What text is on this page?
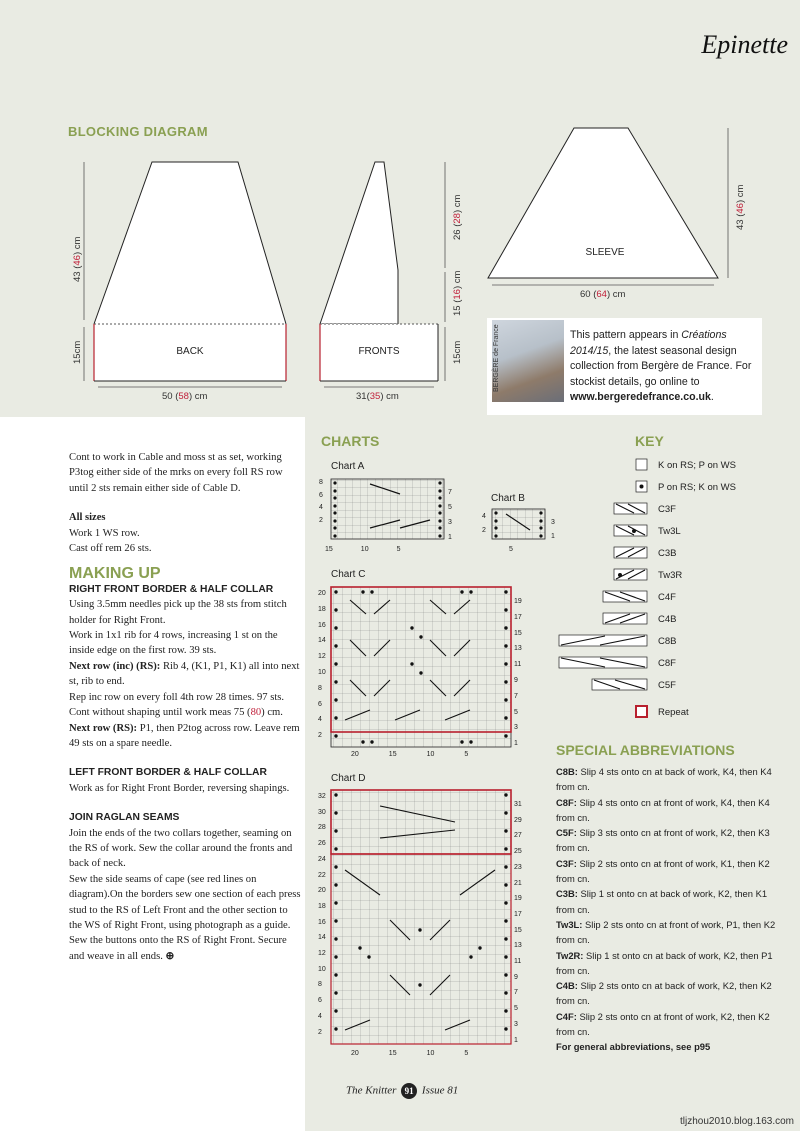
Epinette
BLOCKING DIAGRAM
BACK	FRONTS
SLEEVE
50 (58) cm
43 (46) cm
15cm
31(35) cm
26 (28) cm
15 (16) cm
15cm
60 (64) cm
43 (46) cm
BERGÈRE de France	This pattern appears in Créations 2014/15, the latest seasonal design collection from Bergère de France. For stockist details, go online to www.bergeredefrance.co.uk.

Cont to work in Cable and moss st as set, working P3tog either side of the mrks on every foll RS row until 2 sts remain either side of Cable D.

All sizes

Work 1 WS row.

Cast off rem 26 sts.

MAKING UP

RIGHT FRONT BORDER & HALF COLLAR

Using 3.5mm needles pick up the 38 sts from stitch holder for Right Front.

Work in 1x1 rib for 4 rows, increasing 1 st on the inside edge on the first row. 39 sts.

Next row (inc) (RS): Rib 4, (K1, P1, K1) all into next st, rib to end.

Rep inc row on every foll 4th row 28 times. 97 sts.

Cont without shaping until work meas 75 (80) cm.

Next row (RS): P1, then P2tog across row. Leave rem 49 sts on a spare needle.

LEFT FRONT BORDER & HALF COLLAR

Work as for Right Front Border, reversing shapings.

JOIN RAGLAN SEAMS

Join the ends of the two collars together, seaming on the RS of work. Sew the collar around the fronts and back of neck.

Sew the side seams of cape (see red lines on diagram).On the borders sew one section of each press stud to the RS of Left Front and the other section to the WS of Right Front, using photograph as a guide.

Sew the buttons onto the RS of Right Front. Secure and weave in all ends. ⊕

CHARTS
Chart A
Chart B
Chart C
Chart D
8
6
4
2
7
5
3
1
15	10	5
4
2
3
1
5
20
18
16
14
12
10
8
6
4
2
19
17
15
13
11
9
7
5
3
1
20	15	10	5
32
30
28
26
24
22
20
18
16
14
12
10
8
6
4
2
31
29
27
25
23
21
19
17
15
13
11
9
7
5
3
1
20	15	10	5
KEY
K on RS; P on WS
P on RS; K on WS
C3F
Tw3L
C3B
Tw3R
C4F
C4B
C8B
C8F
C5F
Repeat
SPECIAL ABBREVIATIONS

C8B: Slip 4 sts onto cn at back of work, K4, then K4 from cn.

C8F: Slip 4 sts onto cn at front of work, K4, then K4 from cn.

C5F: Slip 3 sts onto cn at front of work, K2, then K3 from cn.

C3F: Slip 2 sts onto cn at front of work, K1, then K2 from cn.

C3B: Slip 1 st onto cn at back of work, K2, then K1 from cn.

Tw3L: Slip 2 sts onto cn at front of work, P1, then K2 from cn.

Tw2R: Slip 1 st onto cn at back of work, K2, then P1 from cn.

C4B: Slip 2 sts onto cn at back of work, K2, then K2 from cn.

C4F: Slip 2 sts onto cn at front of work, K2, then K2 from cn.

For general abbreviations, see p95

The Knitter 91 Issue 81
tljzhou2010.blog.163.com
